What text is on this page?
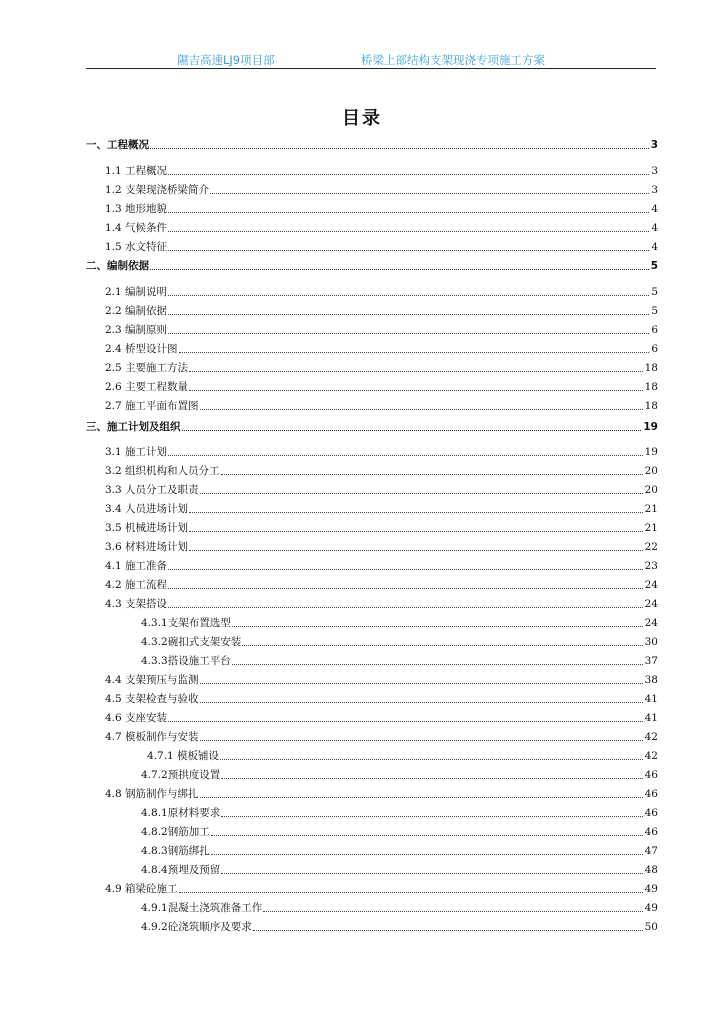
隰吉高速LJ9项目部	桥梁上部结构支架现浇专项施工方案
目录
一、工程概况	3
1.1 工程概况	3
1.2 支架现浇桥梁简介	3
1.3 地形地貌	4
1.4 气候条件	4
1.5 水文特征	4
二、编制依据	5
2.1 编制说明	5
2.2 编制依据	5
2.3 编制原则	6
2.4 桥型设计图	6
2.5 主要施工方法	18
2.6 主要工程数量	18
2.7 施工平面布置图	18
三、施工计划及组织	19
3.1 施工计划	19
3.2 组织机构和人员分工	20
3.3 人员分工及职责	20
3.4 人员进场计划	21
3.5 机械进场计划	21
3.6 材料进场计划	22
4.1 施工准备	23
4.2 施工流程	24
4.3 支架搭设	24
4.3.1支架布置选型	24
4.3.2碗扣式支架安装	30
4.3.3搭设施工平台	37
4.4 支架预压与监测	38
4.5 支架检查与验收	41
4.6 支座安装	41
4.7 模板制作与安装	42
4.7.1 模板铺设	42
4.7.2预拱度设置	46
4.8 钢筋制作与绑扎	46
4.8.1原材料要求	46
4.8.2钢筋加工	46
4.8.3钢筋绑扎	47
4.8.4预埋及预留	48
4.9 箱梁砼施工	49
4.9.1混凝土浇筑准备工作	49
4.9.2砼浇筑顺序及要求	50
